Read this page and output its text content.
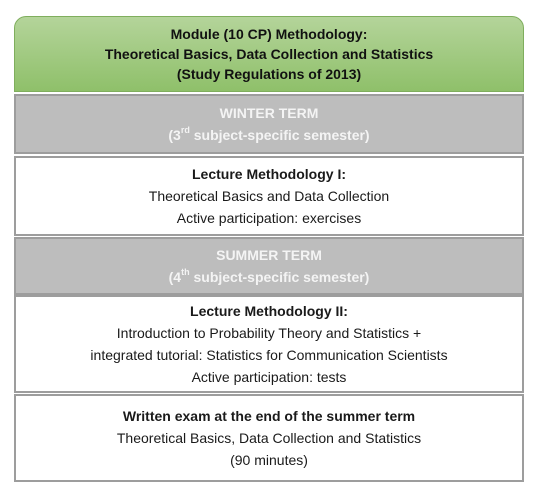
Module (10 CP) Methodology:
Theoretical Basics, Data Collection and Statistics
(Study Regulations of 2013)
WINTER TERM
(3rd subject-specific semester)
Lecture Methodology I:
Theoretical Basics and Data Collection
Active participation: exercises
SUMMER TERM
(4th subject-specific semester)
Lecture Methodology II:
Introduction to Probability Theory and Statistics +
integrated tutorial: Statistics for Communication Scientists
Active participation: tests
Written exam at the end of the summer term
Theoretical Basics, Data Collection and Statistics
(90 minutes)
